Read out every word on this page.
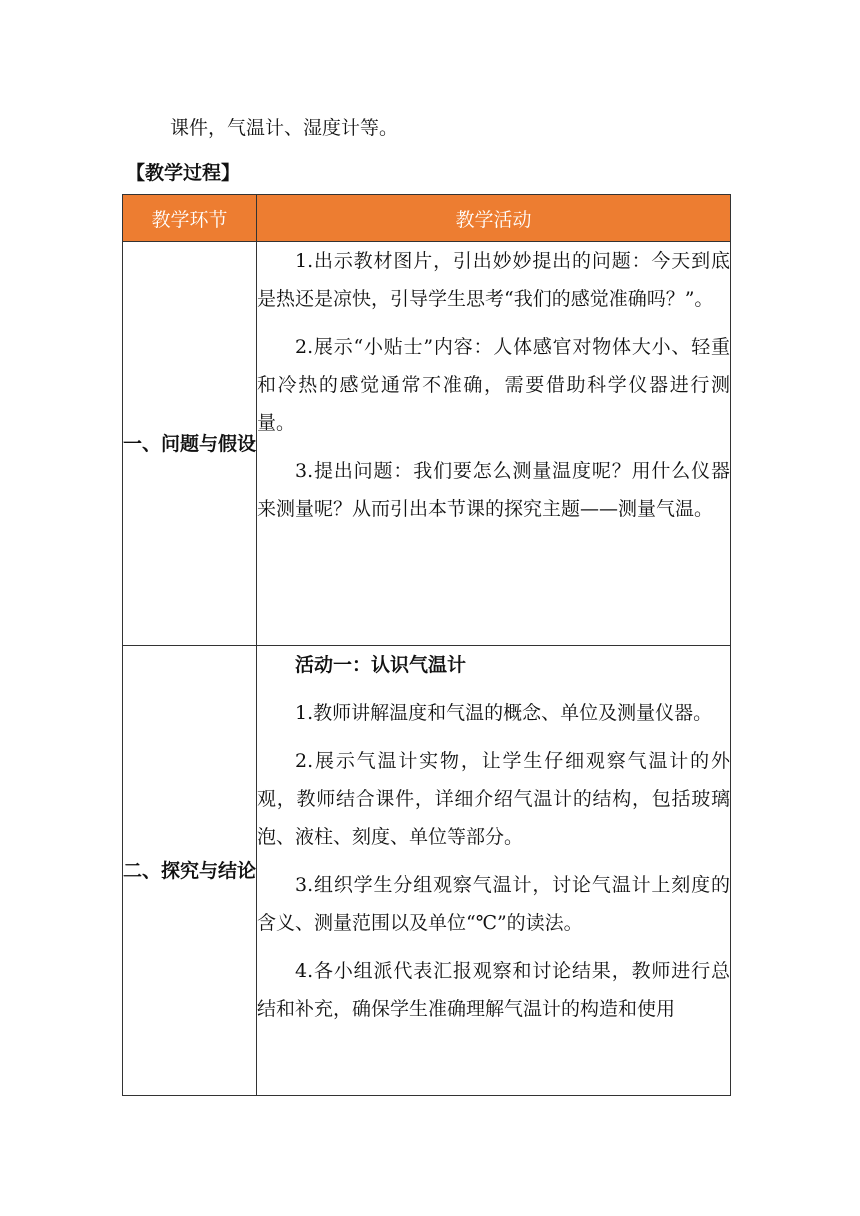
课件，气温计、湿度计等。
【教学过程】
教学环节	教学活动
一、问题与假设	1.出示教材图片，引出妙妙提出的问题：今天到底是热还是凉快，引导学生思考“我们的感觉准确吗？”。

2.展示“小贴士”内容：人体感官对物体大小、轻重和冷热的感觉通常不准确，需要借助科学仪器进行测量。

3.提出问题：我们要怎么测量温度呢？用什么仪器来测量呢？从而引出本节课的探究主题——测量气温。

二、探究与结论	活动一：认识气温计

1.教师讲解温度和气温的概念、单位及测量仪器。

2.展示气温计实物，让学生仔细观察气温计的外观，教师结合课件，详细介绍气温计的结构，包括玻璃泡、液柱、刻度、单位等部分。

3.组织学生分组观察气温计，讨论气温计上刻度的含义、测量范围以及单位“℃”的读法。

4.各小组派代表汇报观察和讨论结果，教师进行总结和补充，确保学生准确理解气温计的构造和使用
